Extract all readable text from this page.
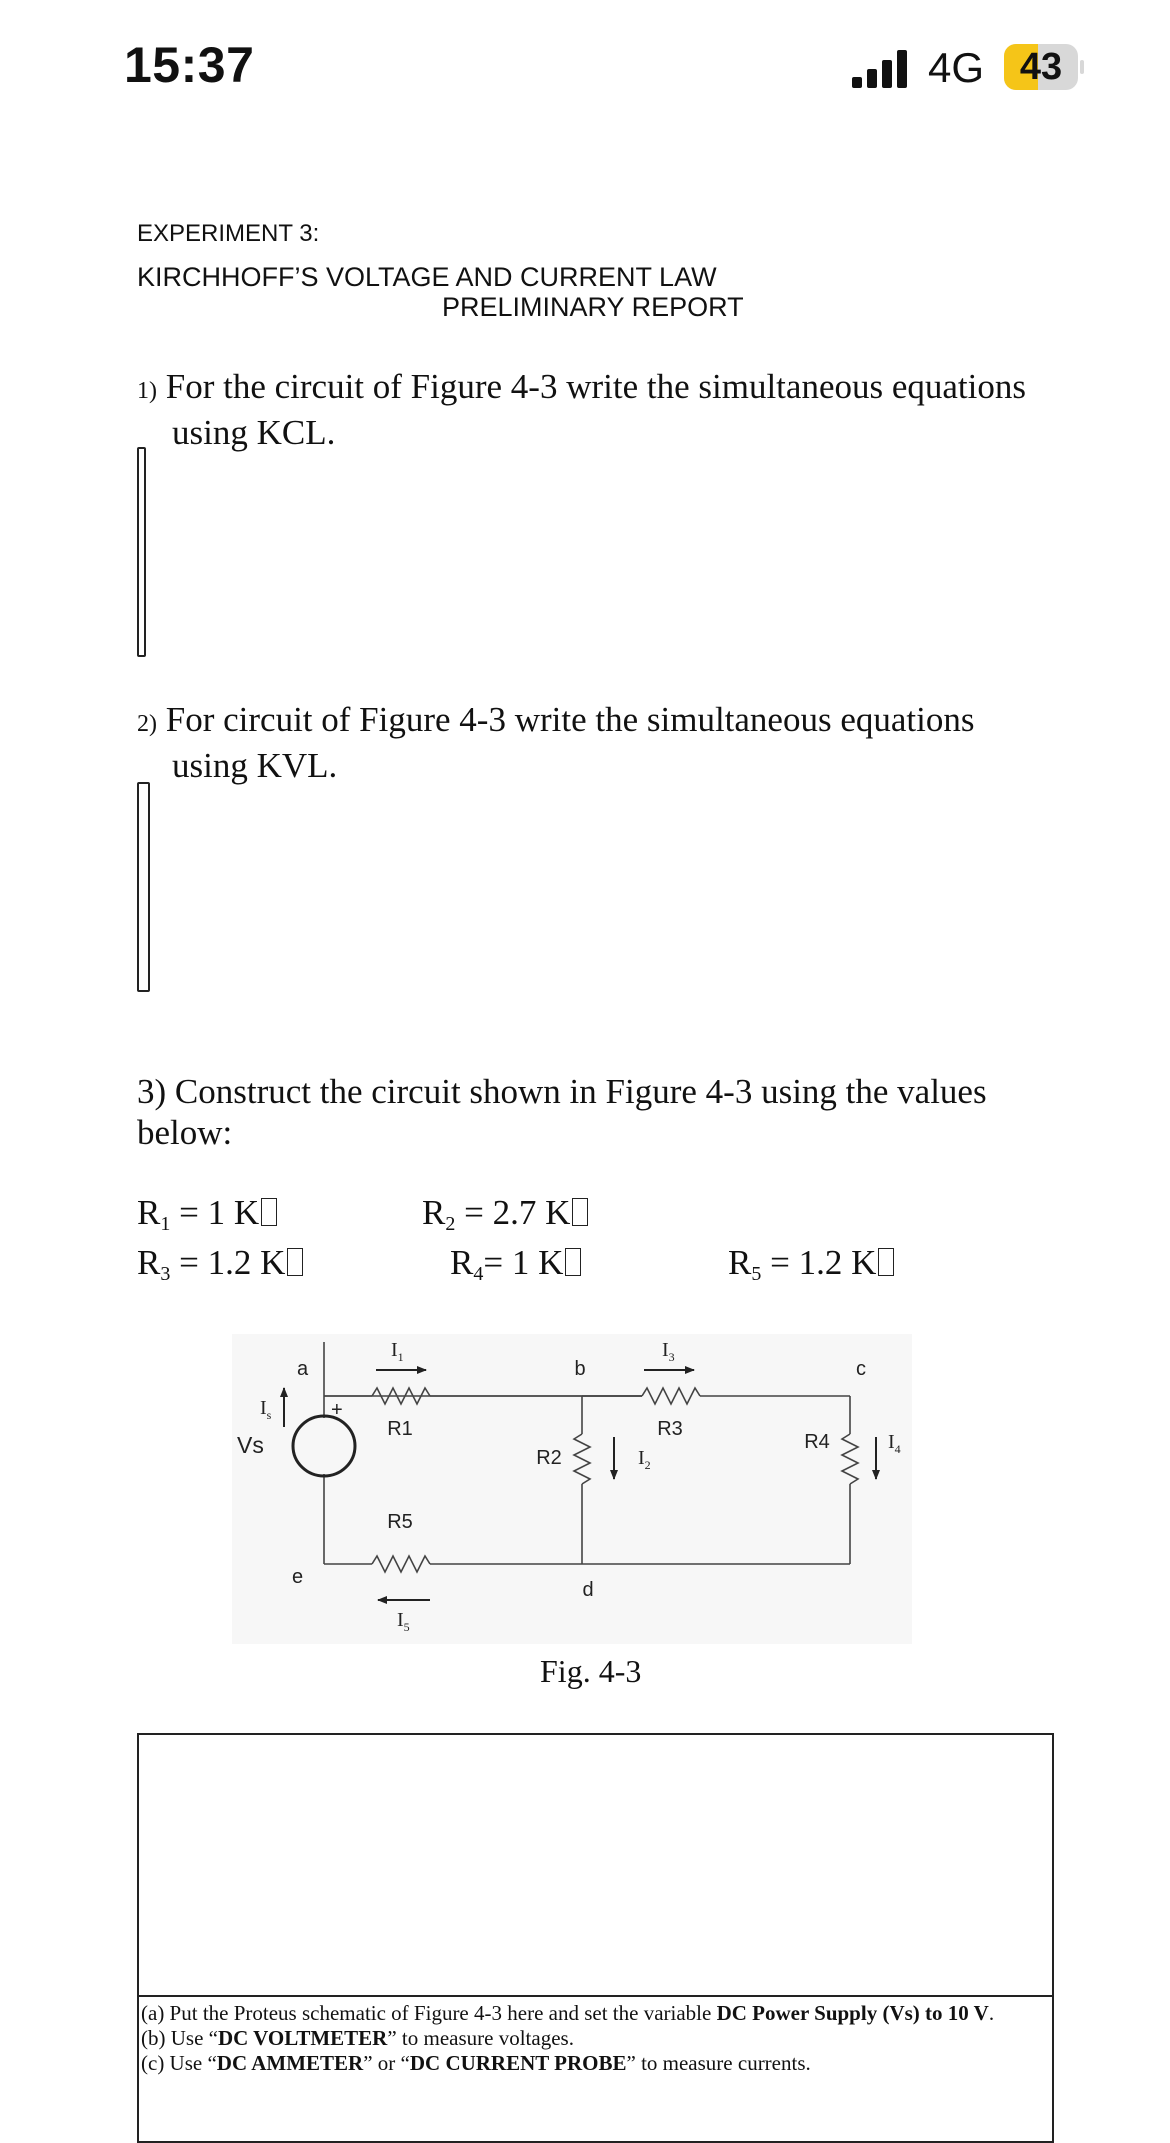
15:37	4G 43
EXPERIMENT 3:
KIRCHHOFF’S VOLTAGE AND CURRENT LAW
PRELIMINARY REPORT
1) For the circuit of Figure 4-3 write the simultaneous equations
using KCL.
2) For circuit of Figure 4-3 write the simultaneous equations
using KVL.
3) Construct the circuit shown in Figure 4-3 using the values
below:
$R_1 = 1$ K	$R_2 = 2.7$ K
$R_3 = 1.2$ K	$R_4= 1$ K	$R_5 = 1.2$ K
a	b	c
d
e
+
Vs
R1	R3
R2
R4
R5
$I_1$	$I_3$
$I_2$
$I_4$
$I_5$
$I_s$
Fig. 4-3
(a) Put the Proteus schematic of Figure 4-3 here and set the variable DC Power Supply (Vs) to 10 V.
(b) Use “DC VOLTMETER” to measure voltages.
(c) Use “DC AMMETER” or “DC CURRENT PROBE” to measure currents.
